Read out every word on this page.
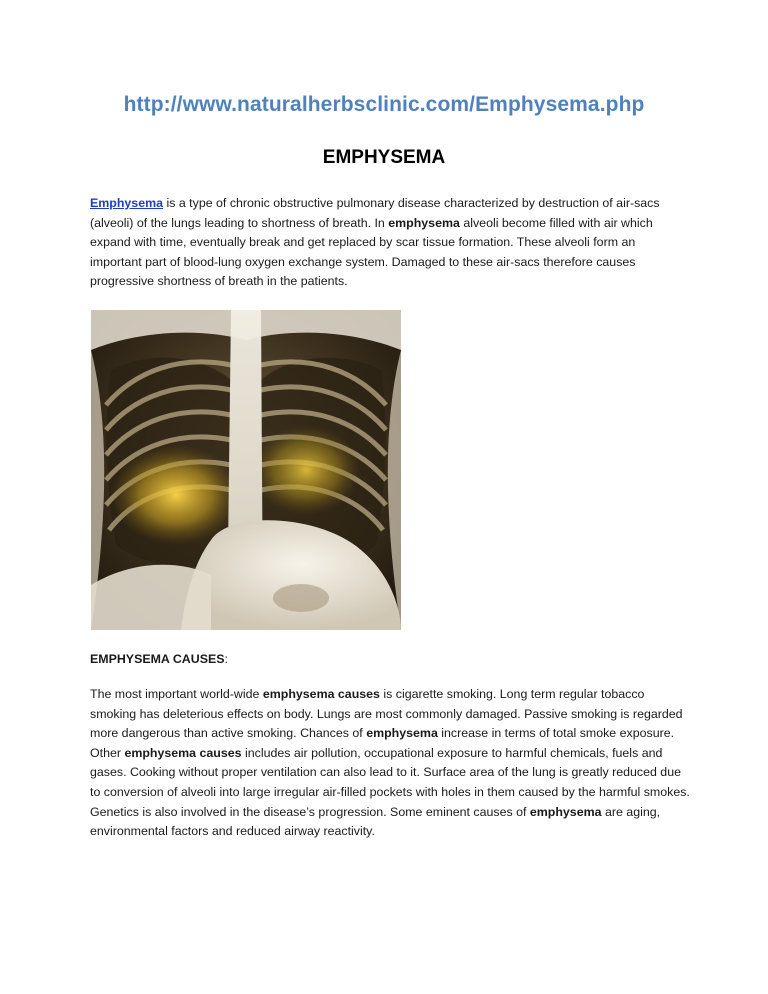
http://www.naturalherbsclinic.com/Emphysema.php
EMPHYSEMA
Emphysema is a type of chronic obstructive pulmonary disease characterized by destruction of air-sacs (alveoli) of the lungs leading to shortness of breath. In emphysema alveoli become filled with air which expand with time, eventually break and get replaced by scar tissue formation. These alveoli form an important part of blood-lung oxygen exchange system. Damaged to these air-sacs therefore causes progressive shortness of breath in the patients.
EMPHYSEMA CAUSES:
The most important world-wide emphysema causes is cigarette smoking. Long term regular tobacco smoking has deleterious effects on body. Lungs are most commonly damaged. Passive smoking is regarded more dangerous than active smoking. Chances of emphysema increase in terms of total smoke exposure. Other emphysema causes includes air pollution, occupational exposure to harmful chemicals, fuels and gases. Cooking without proper ventilation can also lead to it. Surface area of the lung is greatly reduced due to conversion of alveoli into large irregular air-filled pockets with holes in them caused by the harmful smokes. Genetics is also involved in the disease’s progression. Some eminent causes of emphysema are aging, environmental factors and reduced airway reactivity.
